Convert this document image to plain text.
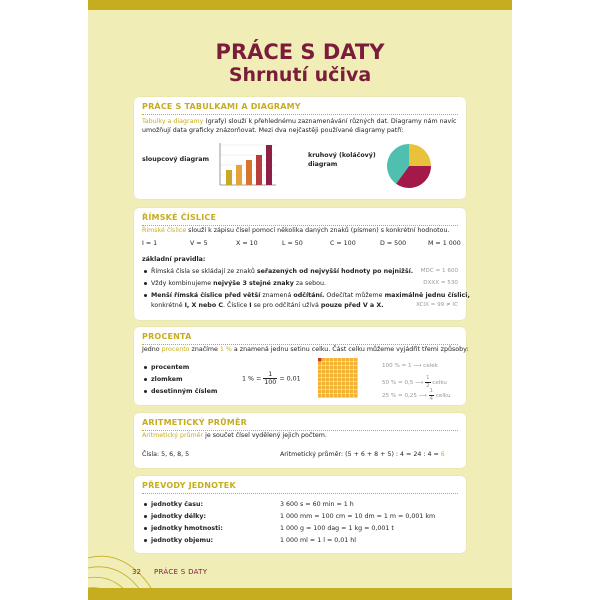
PRÁCE S DATY
Shrnutí učiva
PRÁCE S TABULKAMI A DIAGRAMY
Tabulky a diagramy (grafy) slouží k přehlednému zaznamenávání různých dat. Diagramy nám navíc
umožňují data graficky znázorňovat. Mezi dva nejčastěji používané diagramy patří:
sloupcový diagram
kruhový (koláčový)
diagram
ŘÍMSKÉ ČÍSLICE
Římské číslice slouží k zápisu čísel pomocí několika daných znaků (písmen) s konkrétní hodnotou.
I = 1	V = 5	X = 10	L = 50	C = 100	D = 500	M = 1 000
základní pravidla:
Římská čísla se skládají ze znaků seřazených od nejvyšší hodnoty po nejnižší. MDC = 1 600
Vždy kombinujeme nejvýše 3 stejné znaky za sebou.	DXXX = 530
Menší římská číslice před větší znamená odčítání. Odečítat můžeme maximálně jednu číslici,
konkrétně I, X nebo C. Číslice I se pro odčítání užívá pouze před V a X.	XCIX = 99 ≠ IC
PROCENTA
Jedno procento značíme 1 % a znamená jednu setinu celku. Část celku můžeme vyjádřit třemi způsoby:
procentem
zlomkem
desetinným číslem
1 % = $\frac{1}{100} = 0,01$
100 % = 1 ⟶ celek
50 % = 0,5 ⟶ $\frac{1}{2}$ celku
25 % = 0,25 ⟶ $\frac{1}{4}$ celku
ARITMETICKÝ PRŮMĚR
Aritmetický průměr je součet čísel vydělený jejich počtem.
Čísla: 5, 6, 8, 5	Aritmetický průměr: (5 + 6 + 8 + 5) : 4 = 24 : 4 = 6
PŘEVODY JEDNOTEK
jednotky času:	3 600 s = 60 min = 1 h
jednotky délky:	1 000 mm = 100 cm = 10 dm = 1 m = 0,001 km
jednotky hmotnosti:	1 000 g = 100 dag = 1 kg = 0,001 t
jednotky objemu:	1 000 ml = 1 l = 0,01 hl
32 PRÁCE S DATY
